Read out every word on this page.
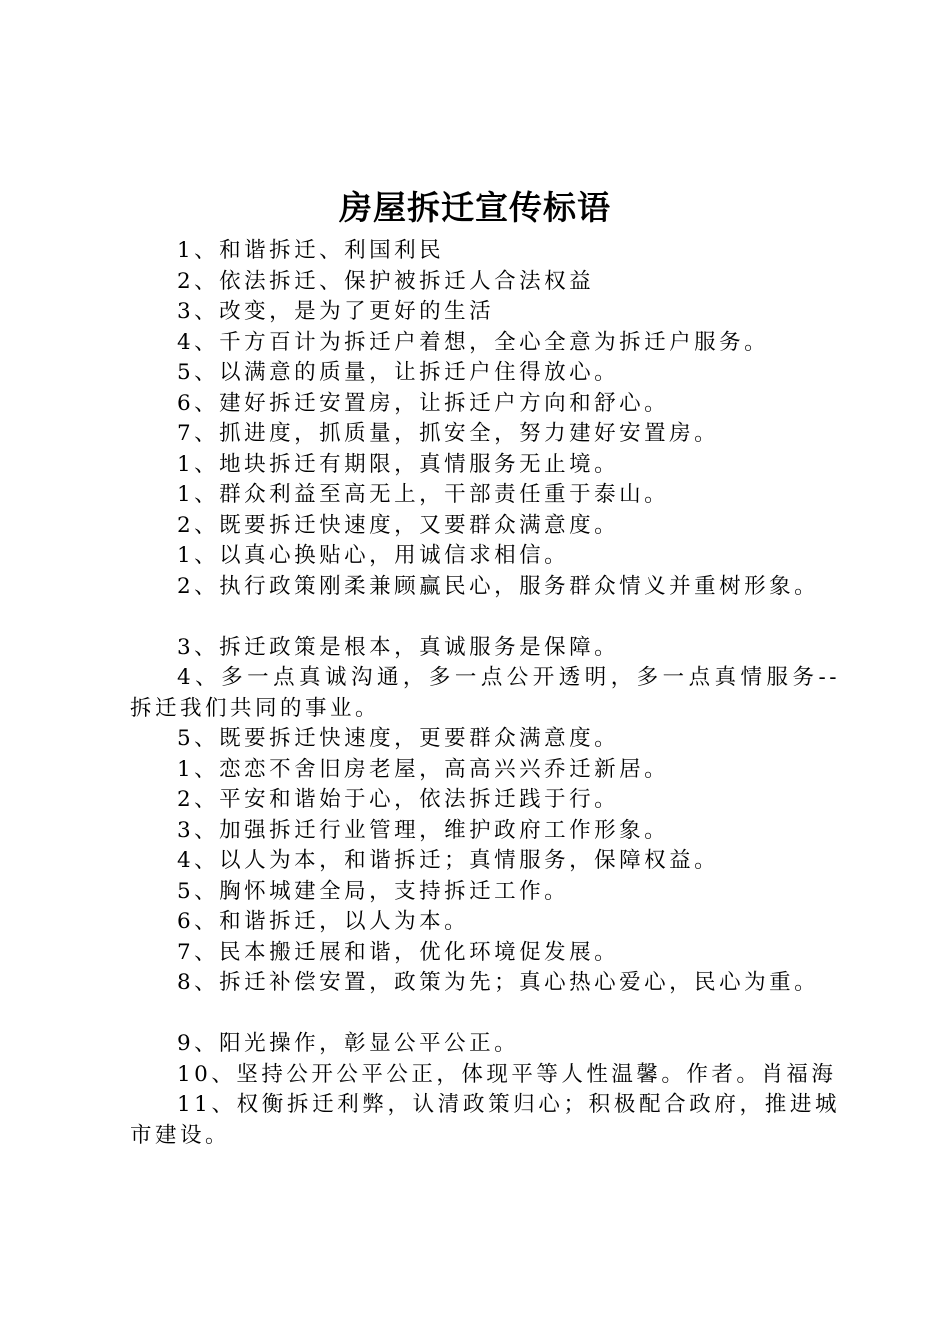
房屋拆迁宣传标语
1、和谐拆迁、利国利民
2、依法拆迁、保护被拆迁人合法权益
3、改变，是为了更好的生活
4、千方百计为拆迁户着想，全心全意为拆迁户服务。
5、以满意的质量，让拆迁户住得放心。
6、建好拆迁安置房，让拆迁户方向和舒心。
7、抓进度，抓质量，抓安全，努力建好安置房。
1、地块拆迁有期限，真情服务无止境。
1、群众利益至高无上，干部责任重于泰山。
2、既要拆迁快速度，又要群众满意度。
1、以真心换贴心，用诚信求相信。
2、执行政策刚柔兼顾赢民心，服务群众情义并重树形象。
3、拆迁政策是根本，真诚服务是保障。
4、多一点真诚沟通，多一点公开透明，多一点真情服务--拆迁我们共同的事业。
5、既要拆迁快速度，更要群众满意度。
1、恋恋不舍旧房老屋，高高兴兴乔迁新居。
2、平安和谐始于心，依法拆迁践于行。
3、加强拆迁行业管理，维护政府工作形象。
4、以人为本，和谐拆迁；真情服务，保障权益。
5、胸怀城建全局，支持拆迁工作。
6、和谐拆迁，以人为本。
7、民本搬迁展和谐，优化环境促发展。
8、拆迁补偿安置，政策为先；真心热心爱心，民心为重。
9、阳光操作，彰显公平公正。
10、坚持公开公平公正，体现平等人性温馨。作者。肖福海
11、权衡拆迁利弊，认清政策归心；积极配合政府，推进城市建设。
